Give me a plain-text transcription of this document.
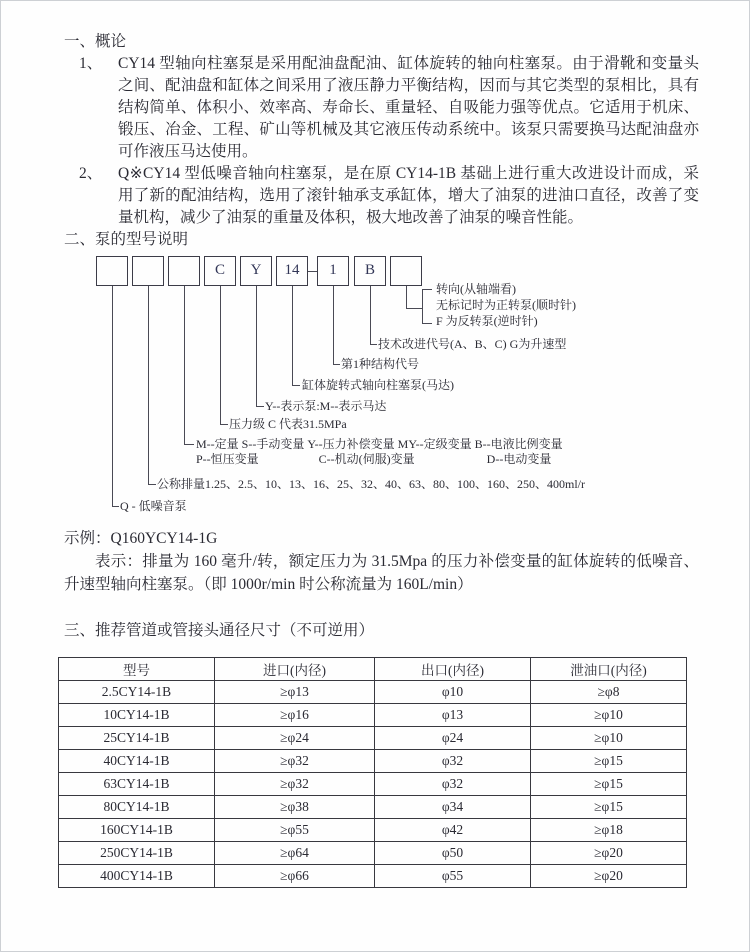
一、概论
1、 CY14 型轴向柱塞泵是采用配油盘配油、缸体旋转的轴向柱塞泵。由于滑靴和变量头之间、配油盘和缸体之间采用了液压静力平衡结构，因而与其它类型的泵相比，具有结构简单、体积小、效率高、寿命长、重量轻、自吸能力强等优点。它适用于机床、锻压、冶金、工程、矿山等机械及其它液压传动系统中。该泵只需要换马达配油盘亦可作液压马达使用。
2、 Q※CY14 型低噪音轴向柱塞泵，是在原 CY14-1B 基础上进行重大改进设计而成，采用了新的配油结构，选用了滚针轴承支承缸体，增大了油泵的进油口直径，改善了变量机构，减少了油泵的重量及体积，极大地改善了油泵的噪音性能。
二、泵的型号说明
C	Y	14	1	B
转向(从轴端看)
无标记时为正转泵(顺时针)
F 为反转泵(逆时针)
技术改进代号(A、B、C) G为升速型
第1种结构代号
缸体旋转式轴向柱塞泵(马达)
Y--表示泵:M--表示马达
压力级 C 代表31.5MPa
M--定量 S--手动变量 Y--压力补偿变量 MY--定级变量 B--电液比例变量
P--恒压变量　　　　　C--机动(伺服)变量　　　　　　D--电动变量
公称排量1.25、2.5、10、13、16、25、32、40、63、80、100、160、250、400ml/r
Q - 低噪音泵
示例：Q160YCY14-1G
表示：排量为 160 毫升/转，额定压力为 31.5Mpa 的压力补偿变量的缸体旋转的低噪音、升速型轴向柱塞泵。（即 1000r/min 时公称流量为 160L/min）
三、推荐管道或管接头通径尺寸（不可逆用）
型号	进口(内径)	出口(内径)	泄油口(内径)
2.5CY14-1B	≥φ13	φ10	≥φ8
10CY14-1B	≥φ16	φ13	≥φ10
25CY14-1B	≥φ24	φ24	≥φ10
40CY14-1B	≥φ32	φ32	≥φ15
63CY14-1B	≥φ32	φ32	≥φ15
80CY14-1B	≥φ38	φ34	≥φ15
160CY14-1B	≥φ55	φ42	≥φ18
250CY14-1B	≥φ64	φ50	≥φ20
400CY14-1B	≥φ66	φ55	≥φ20
